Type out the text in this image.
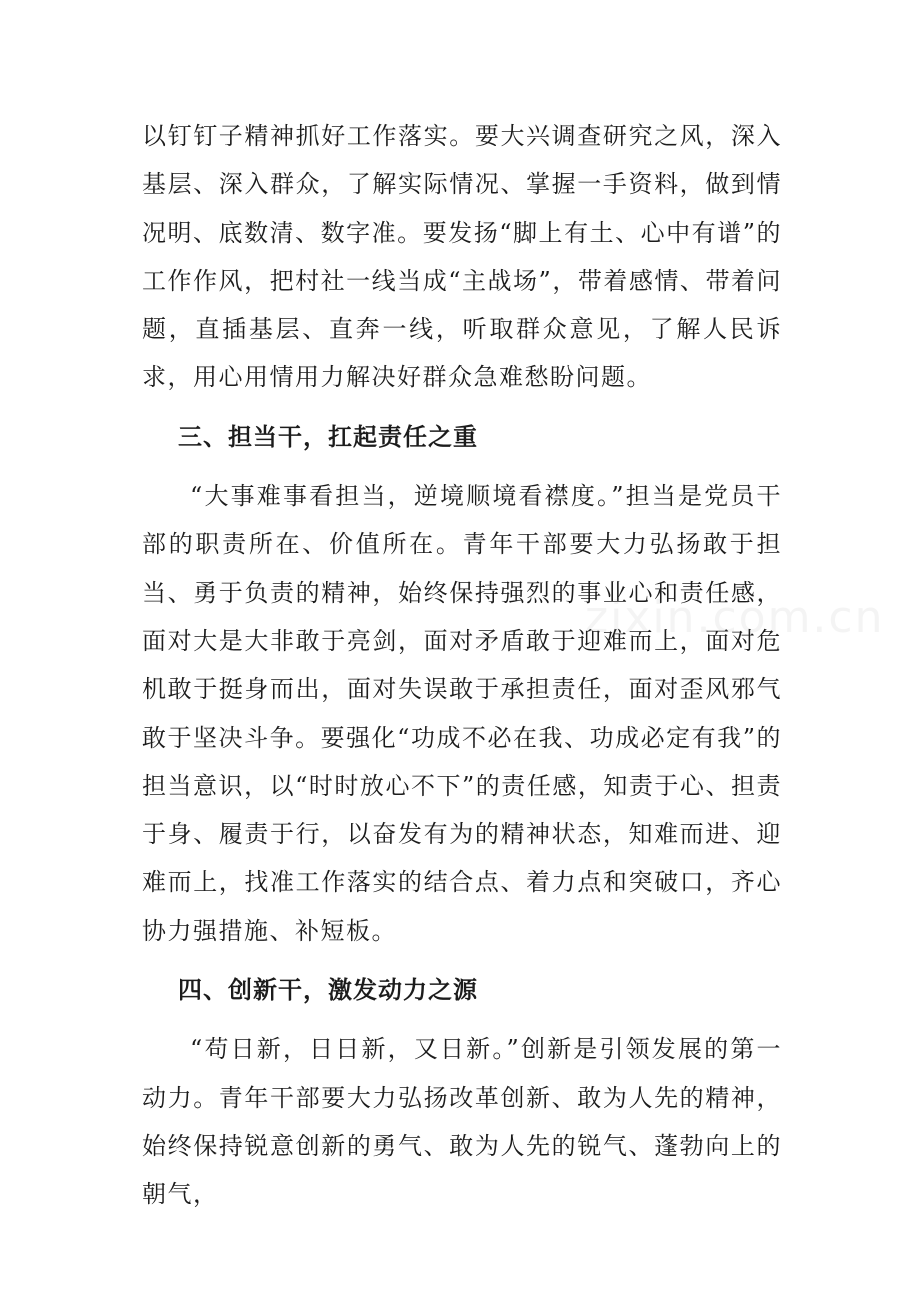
以钉钉子精神抓好工作落实。要大兴调查研究之风，深入基层、深入群众，了解实际情况、掌握一手资料，做到情况明、底数清、数字准。要发扬“脚上有土、心中有谱”的工作作风，把村社一线当成“主战场”，带着感情、带着问题，直插基层、直奔一线，听取群众意见，了解人民诉求，用心用情用力解决好群众急难愁盼问题。

三、担当干，扛起责任之重

“大事难事看担当，逆境顺境看襟度。”担当是党员干部的职责所在、价值所在。青年干部要大力弘扬敢于担当、勇于负责的精神，始终保持强烈的事业心和责任感，面对大是大非敢于亮剑，面对矛盾敢于迎难而上，面对危机敢于挺身而出，面对失误敢于承担责任，面对歪风邪气敢于坚决斗争。要强化“功成不必在我、功成必定有我”的担当意识，以“时时放心不下”的责任感，知责于心、担责于身、履责于行，以奋发有为的精神状态，知难而进、迎难而上，找准工作落实的结合点、着力点和突破口，齐心协力强措施、补短板。

四、创新干，激发动力之源

“苟日新，日日新，又日新。”创新是引领发展的第一动力。青年干部要大力弘扬改革创新、敢为人先的精神，始终保持锐意创新的勇气、敢为人先的锐气、蓬勃向上的朝气，

zixin.com.cn
